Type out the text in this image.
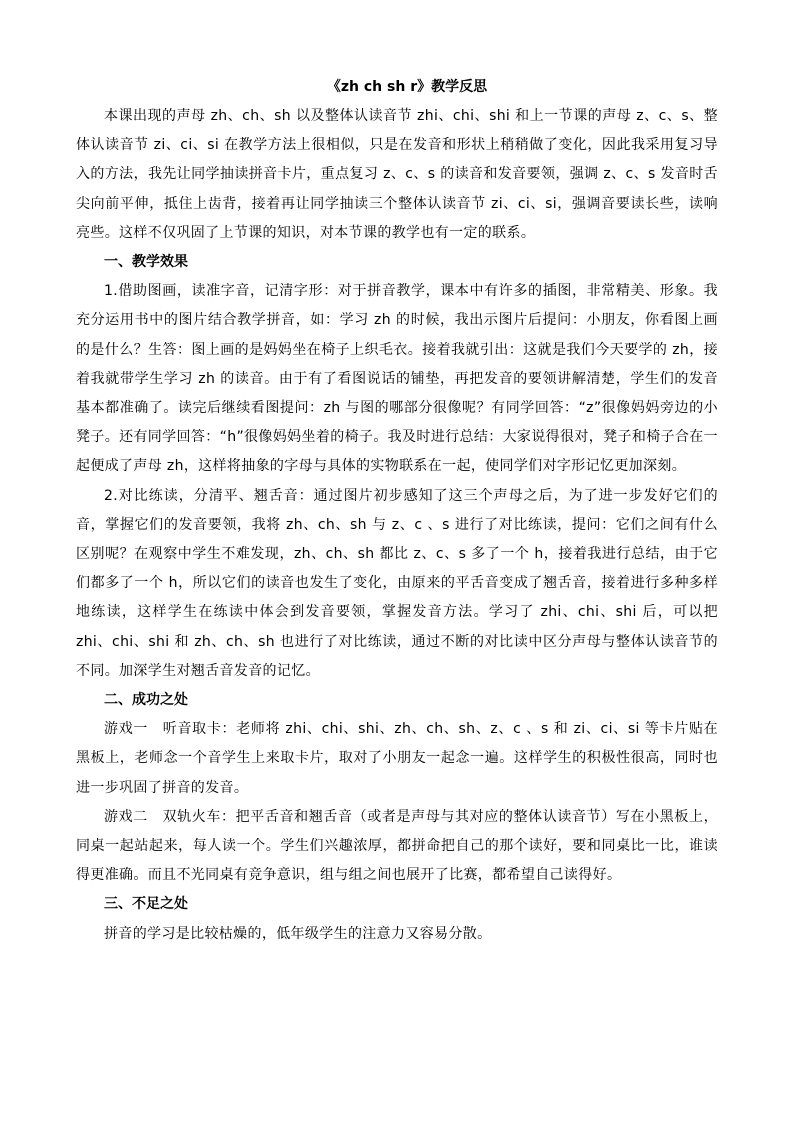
《zh ch sh r》教学反思

本课出现的声母 zh、ch、sh 以及整体认读音节 zhi、chi、shi 和上一节课的声母 z、c、s、整体认读音节 zi、ci、si 在教学方法上很相似，只是在发音和形状上稍稍做了变化，因此我采用复习导入的方法，我先让同学抽读拼音卡片，重点复习 z、c、s 的读音和发音要领，强调 z、c、s 发音时舌尖向前平伸，抵住上齿背，接着再让同学抽读三个整体认读音节 zi、ci、si，强调音要读长些，读响亮些。这样不仅巩固了上节课的知识，对本节课的教学也有一定的联系。

一、教学效果

1.借助图画，读准字音，记清字形：对于拼音教学，课本中有许多的插图，非常精美、形象。我充分运用书中的图片结合教学拼音，如：学习 zh 的时候，我出示图片后提问：小朋友，你看图上画的是什么？生答：图上画的是妈妈坐在椅子上织毛衣。接着我就引出：这就是我们今天要学的 zh，接着我就带学生学习 zh 的读音。由于有了看图说话的铺垫，再把发音的要领讲解清楚，学生们的发音基本都准确了。读完后继续看图提问：zh 与图的哪部分很像呢？有同学回答：“z”很像妈妈旁边的小凳子。还有同学回答：“h”很像妈妈坐着的椅子。我及时进行总结：大家说得很对，凳子和椅子合在一起便成了声母 zh，这样将抽象的字母与具体的实物联系在一起，使同学们对字形记忆更加深刻。

2.对比练读，分清平、翘舌音：通过图片初步感知了这三个声母之后，为了进一步发好它们的音，掌握它们的发音要领，我将 zh、ch、sh 与 z、c 、s 进行了对比练读，提问：它们之间有什么区别呢？在观察中学生不难发现，zh、ch、sh 都比 z、c、s 多了一个 h，接着我进行总结，由于它们都多了一个 h，所以它们的读音也发生了变化，由原来的平舌音变成了翘舌音，接着进行多种多样地练读，这样学生在练读中体会到发音要领，掌握发音方法。学习了 zhi、chi、shi 后，可以把 zhi、chi、shi 和 zh、ch、sh 也进行了对比练读，通过不断的对比读中区分声母与整体认读音节的不同。加深学生对翘舌音发音的记忆。

二、成功之处

游戏一　听音取卡：老师将 zhi、chi、shi、zh、ch、sh、z、c 、s 和 zi、ci、si 等卡片贴在黑板上，老师念一个音学生上来取卡片，取对了小朋友一起念一遍。这样学生的积极性很高，同时也进一步巩固了拼音的发音。

游戏二　双轨火车：把平舌音和翘舌音（或者是声母与其对应的整体认读音节）写在小黑板上，同桌一起站起来，每人读一个。学生们兴趣浓厚，都拼命把自己的那个读好，要和同桌比一比，谁读得更准确。而且不光同桌有竞争意识，组与组之间也展开了比赛，都希望自己读得好。

三、不足之处

拼音的学习是比较枯燥的，低年级学生的注意力又容易分散。
